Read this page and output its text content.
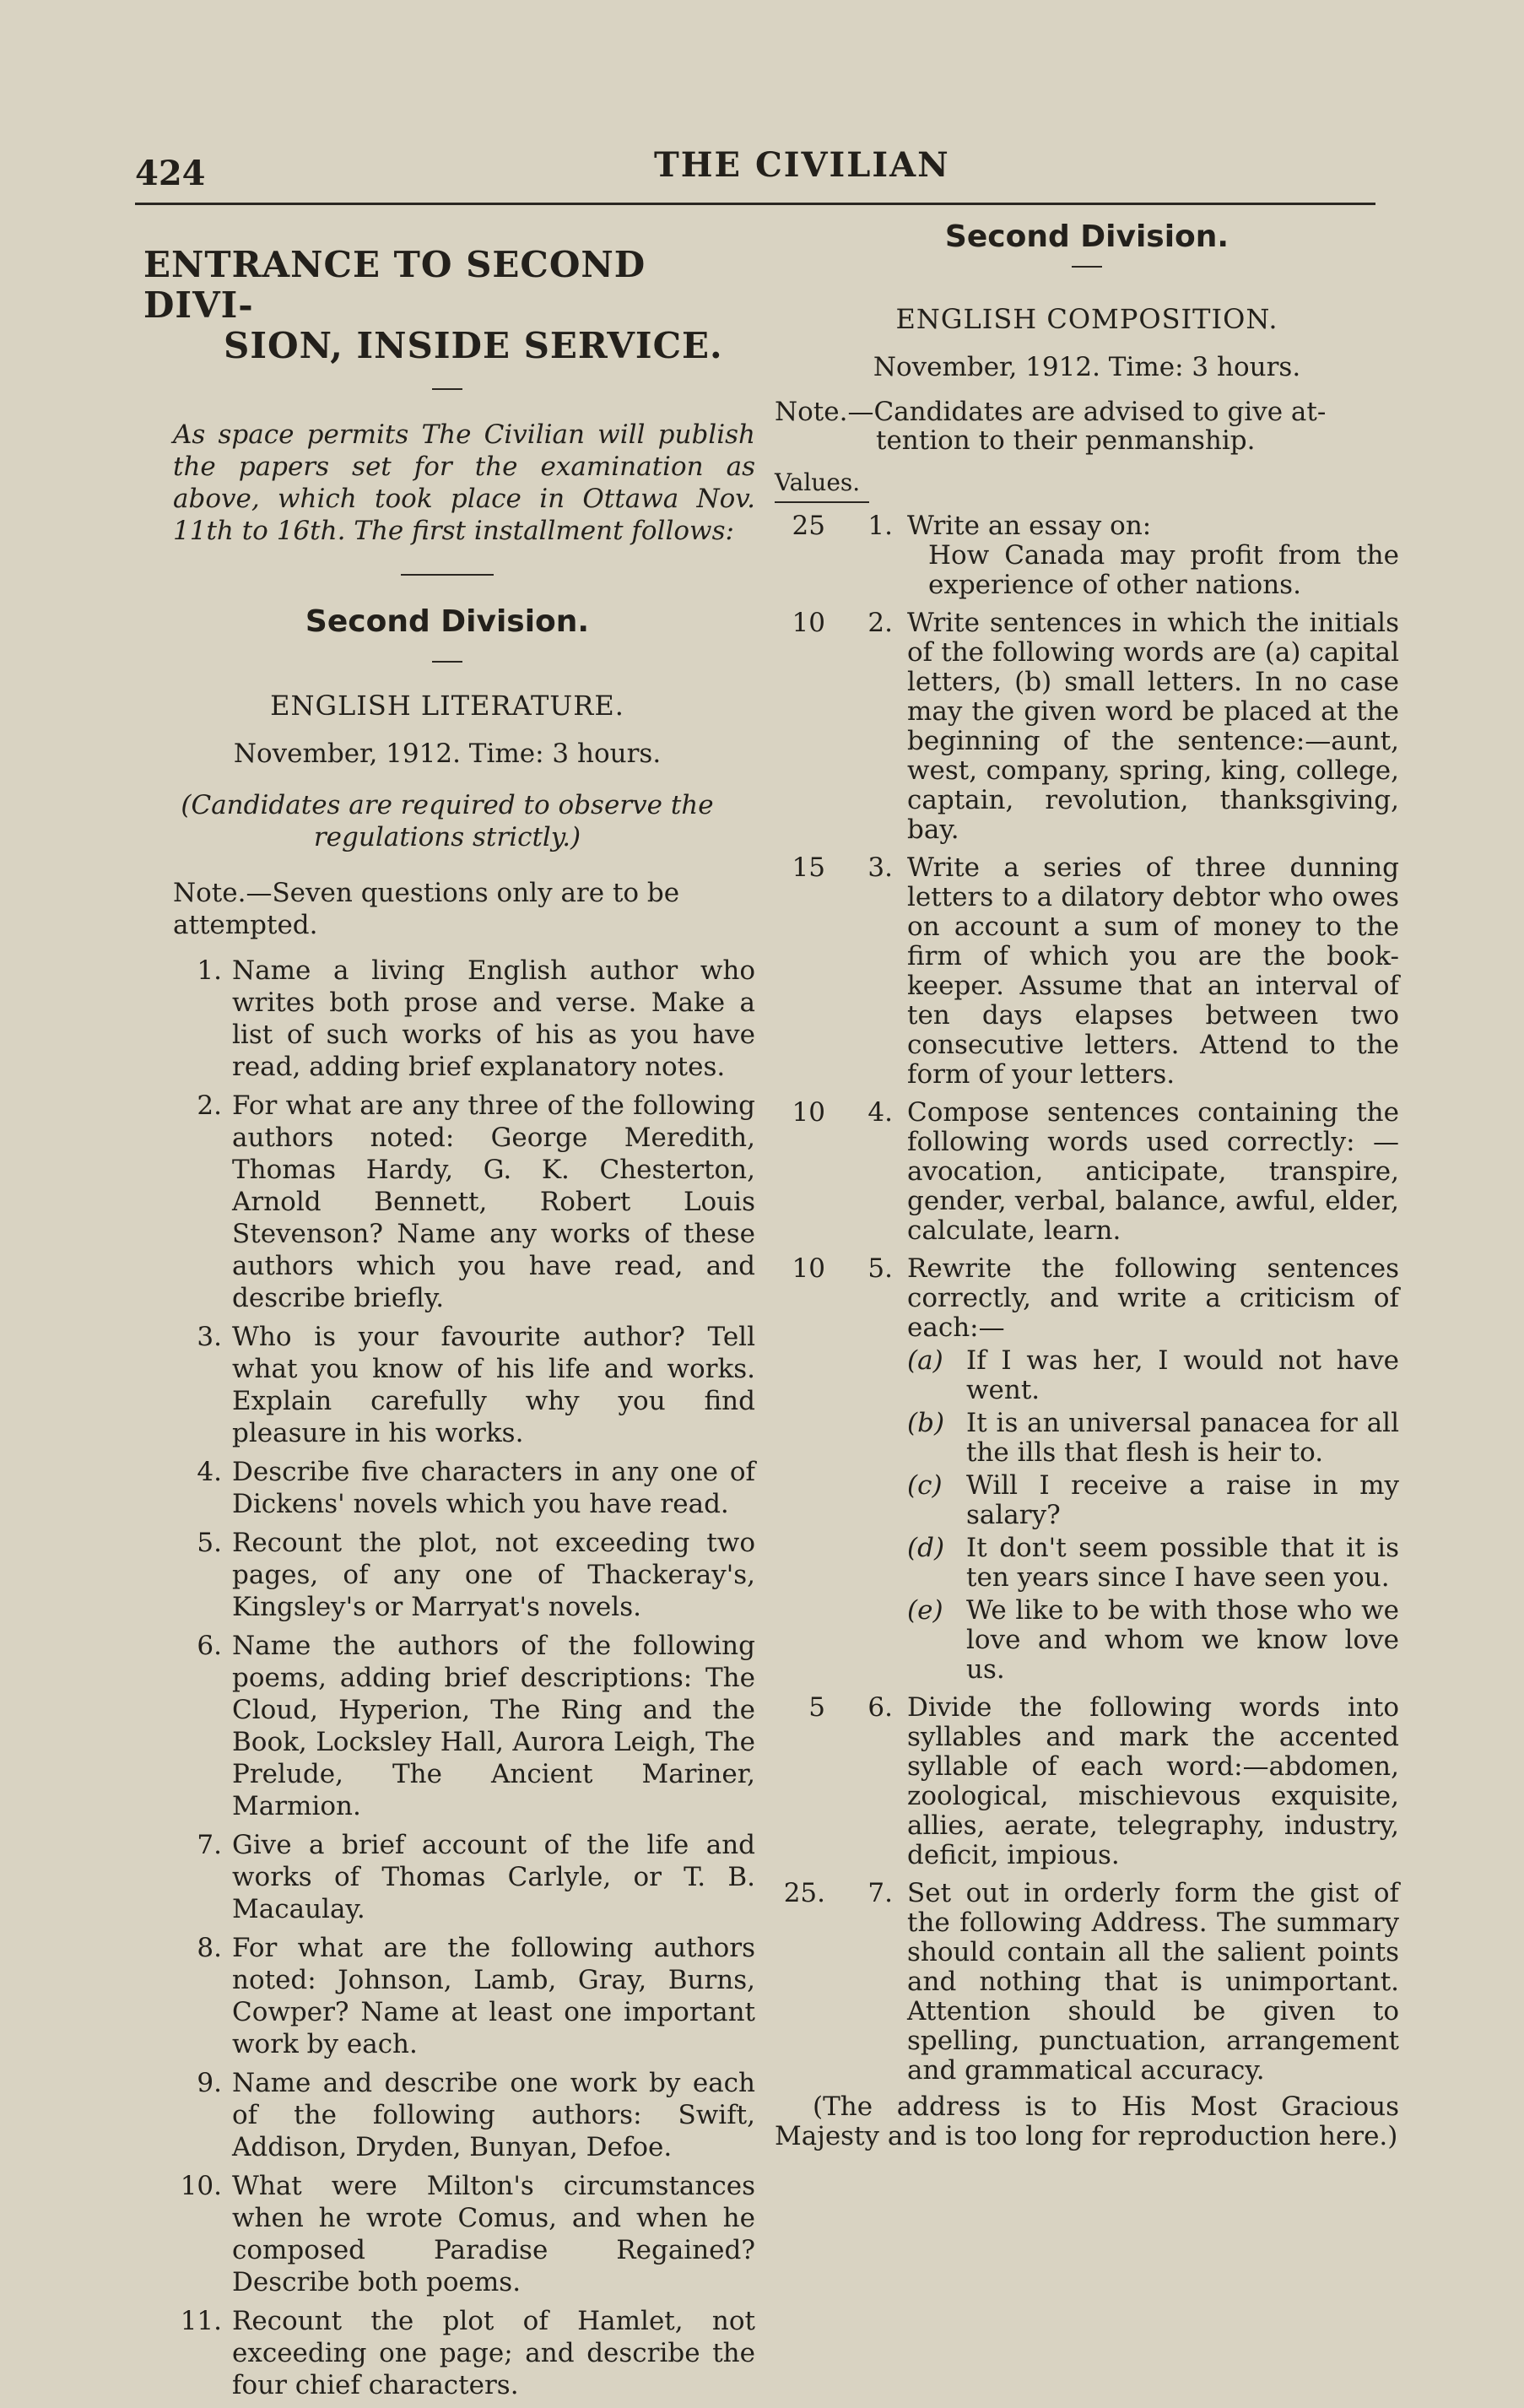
424	THE CIVILIAN
ENTRANCE TO SECOND DIVI-
SION, INSIDE SERVICE.
As space permits The Civilian will publish the papers set for the examination as above, which took place in Ottawa Nov. 11th to 16th. The first installment follows:
Second Division.
ENGLISH LITERATURE.
November, 1912. Time: 3 hours.
(Candidates are required to observe the regulations strictly.)
Note.—Seven questions only are to be attempted.
1. Name a living English author who writes both prose and verse. Make a list of such works of his as you have read, adding brief explanatory notes.
2. For what are any three of the following authors noted: George Meredith, Thomas Hardy, G. K. Chesterton, Arnold Bennett, Robert Louis Stevenson? Name any works of these authors which you have read, and describe briefly.
3. Who is your favourite author? Tell what you know of his life and works. Explain carefully why you find pleasure in his works.
4. Describe five characters in any one of Dickens' novels which you have read.
5. Recount the plot, not exceeding two pages, of any one of Thackeray's, Kingsley's or Marryat's novels.
6. Name the authors of the following poems, adding brief descriptions: The Cloud, Hyperion, The Ring and the Book, Locksley Hall, Aurora Leigh, The Prelude, The Ancient Mariner, Marmion.
7. Give a brief account of the life and works of Thomas Carlyle, or T. B. Macaulay.
8. For what are the following authors noted: Johnson, Lamb, Gray, Burns, Cowper? Name at least one important work by each.
9. Name and describe one work by each of the following authors: Swift, Addison, Dryden, Bunyan, Defoe.
10. What were Milton's circumstances when he wrote Comus, and when he composed Paradise Regained? Describe both poems.
11. Recount the plot of Hamlet, not exceeding one page; and describe the four chief characters.
Second Division.
ENGLISH COMPOSITION.
November, 1912. Time: 3 hours.
Note.—Candidates are advised to give at-
tention to their penmanship.
Values.
25	1. Write an essay on:
How Canada may profit from the experience of other nations.
10	2. Write sentences in which the initials of the following words are (a) capital letters, (b) small letters. In no case may the given word be placed at the beginning of the sentence:—aunt, west, company, spring, king, college, captain, revolution, thanksgiving, bay.
15	3. Write a series of three dunning letters to a dilatory debtor who owes on account a sum of money to the firm of which you are the book-keeper. Assume that an interval of ten days elapses between two consecutive letters. Attend to the form of your letters.
10	4. Compose sentences containing the following words used correctly: —avocation, anticipate, transpire, gender, verbal, balance, awful, elder, calculate, learn.
10	5. Rewrite the following sentences correctly, and write a criticism of each:—
(a) If I was her, I would not have went.
(b) It is an universal panacea for all the ills that flesh is heir to.
(c) Will I receive a raise in my salary?
(d) It don't seem possible that it is ten years since I have seen you.
(e) We like to be with those who we love and whom we know love us.
5	6. Divide the following words into syllables and mark the accented syllable of each word:—abdomen, zoological, mischievous exquisite, allies, aerate, telegraphy, industry, deficit, impious.
25.	7. Set out in orderly form the gist of the following Address. The summary should contain all the salient points and nothing that is unimportant. Attention should be given to spelling, punctuation, arrangement and grammatical accuracy.
(The address is to His Most Gracious Majesty and is too long for reproduction here.)
